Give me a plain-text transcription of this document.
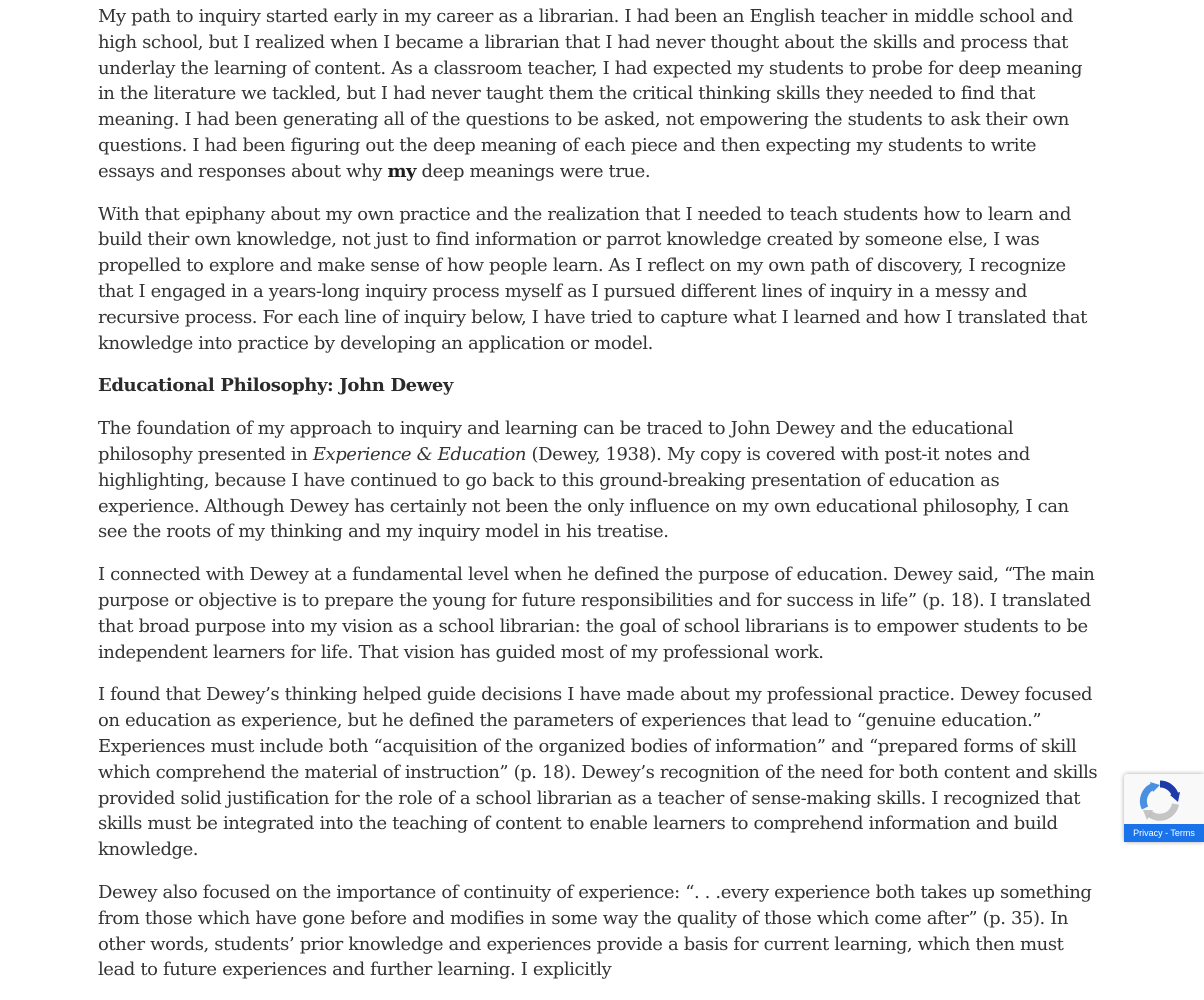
My path to inquiry started early in my career as a librarian. I had been an English teacher in middle school and high school, but I realized when I became a librarian that I had never thought about the skills and process that underlay the learning of content. As a classroom teacher, I had expected my students to probe for deep meaning in the literature we tackled, but I had never taught them the critical thinking skills they needed to find that meaning. I had been generating all of the questions to be asked, not empowering the students to ask their own questions. I had been figuring out the deep meaning of each piece and then expecting my students to write essays and responses about why my deep meanings were true.

With that epiphany about my own practice and the realization that I needed to teach students how to learn and build their own knowledge, not just to find information or parrot knowledge created by someone else, I was propelled to explore and make sense of how people learn. As I reflect on my own path of discovery, I recognize that I engaged in a years-long inquiry process myself as I pursued different lines of inquiry in a messy and recursive process. For each line of inquiry below, I have tried to capture what I learned and how I translated that knowledge into practice by developing an application or model.

Educational Philosophy: John Dewey

The foundation of my approach to inquiry and learning can be traced to John Dewey and the educational philosophy presented in Experience & Education (Dewey, 1938). My copy is covered with post-it notes and highlighting, because I have continued to go back to this ground-breaking presentation of education as experience. Although Dewey has certainly not been the only influence on my own educational philosophy, I can see the roots of my thinking and my inquiry model in his treatise.

I connected with Dewey at a fundamental level when he defined the purpose of education. Dewey said, “The main purpose or objective is to prepare the young for future responsibilities and for success in life” (p. 18). I translated that broad purpose into my vision as a school librarian: the goal of school librarians is to empower students to be independent learners for life. That vision has guided most of my professional work.

I found that Dewey’s thinking helped guide decisions I have made about my professional practice. Dewey focused on education as experience, but he defined the parameters of experiences that lead to “genuine education.” Experiences must include both “acquisition of the organized bodies of information” and “prepared forms of skill which comprehend the material of instruction” (p. 18). Dewey’s recognition of the need for both content and skills provided solid justification for the role of a school librarian as a teacher of sense-making skills. I recognized that skills must be integrated into the teaching of content to enable learners to comprehend information and build knowledge.

Dewey also focused on the importance of continuity of experience: “. . .every experience both takes up something from those which have gone before and modifies in some way the quality of those which come after” (p. 35). In other words, students’ prior knowledge and experiences provide a basis for current learning, which then must lead to future experiences and further learning. I explicitly

Privacy - Terms
